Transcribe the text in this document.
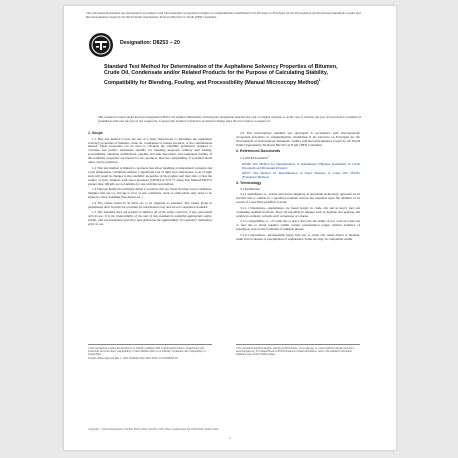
This international standard was developed in accordance with internationally recognized principles on standardization established in the Decision on Principles for the Development of International Standards, Guides and Recommendations issued by the World Trade Organization Technical Barriers to Trade (TBT) Committee.
Designation: D8253 − 20
Standard Test Method for Determination of the Asphaltene Solvency Properties of Bitumen, Crude Oil, Condensate and/or Related Products for the Purpose of Calculating Stability, Compatibility for Blending, Fouling, and Processibility (Manual Microscopy Method)$^1$
This standard is issued under the fixed designation D8253; the number immediately following the designation indicates the year of original adoption or, in the case of revision, the year of last revision. A number in parentheses indicates the year of last reapproval. A superscript epsilon (ε) indicates an editorial change since the last revision or reapproval.
1. Scope

1.1 This test method covers the use of a basic microscope to determine the asphaltene solvency properties of bitumen, crude oil, condensate or related products, or the combinations thereof. These properties can be used to calculate the solubility parameters required to calculate and predict asphaltene stability for blending purposes, refinery unit fouling, processibility, emulsion stabilization, pipeline and tank deposition, and equipment fouling. If the solubility properties are known for two products, then the compatibility of potential blend ratios can be predicted.

1.2 This test method is limited to products that allow handling at atmospheric pressure and room temperature conditions without a significant loss of light end components. Loss of light ends will result in changes in the solubility properties of the product and may alter or bias the results, or both. Samples with vapor pressures (VPCR4 at 37.8 °C using Test Method D6377) greater than 100 kPa are not suitable for use with this test method.

1.3 This test method is primarily suited to products that are freely flowing at test conditions. Samples that are too viscous to flow at test conditions, such as semi-solids, may need to be heated to allow handling (See Annex A1.)

1.4 The values stated in SI units are to be regarded as standard. The values given in parentheses after SI units are provided for information only and are not considered standard.

1.5 This standard does not purport to address all of the safety concerns, if any, associated with its use. It is the responsibility of the user of this standard to establish appropriate safety, health, and environmental practices and determine the applicability of regulatory limitations prior to use.

1.6 This international standard was developed in accordance with internationally recognized principles on standardization established in the Decision on Principles for the Development of International Standards, Guides and Recommendations issued by the World Trade Organization Technical Barriers to Trade (TBT) Committee.

2. Referenced Documents

2.1 ASTM Standards:$^2$

D6560 Test Method for Determination of Asphaltenes (Heptane Insolubles) in Crude Petroleum and Petroleum Products

D6377 Test Method for Determination of Vapor Pressure of Crude Oil: VPCRx (Expansion Method)

3. Terminology

3.1 Definitions:

3.1.1 asphaltenes, n—(rarely used in the singular), in petroleum technology, represent an oil fraction that is soluble in a specified aromatic solvent but separates upon the addition of an excess of a specified paraffinic solvent.

3.1.1.1 Discussion—Asphaltenes are found largely in crude oils and in heavy fuel oils containing residual fractions. They are insoluble in alkanes such as heptane and pentane, but soluble in aromatic solvents such as benzene or toluene.

3.1.2 compatibility, n—of crude oils or heavy fuel oils, the ability of two or more crude oils or fuel oils to blend together within certain concentration ranges without evidence of separation, such as the formation of multiple phases.

3.1.2.1 Discussion—Incompatible heavy fuel oils or crude oils, when mixed or blended, result in flocculation or precipitation of asphaltenes. Some oils may be compatible within

1 This test method is under the jurisdiction of ASTM Committee D02 on Petroleum Products, Liquid Fuels, and Lubricants and is the direct responsibility of Subcommittee D02.14 on Stability, Cleanliness and Compatibility of Liquid Fuels.

Current edition approved May 1, 2020. Published May 2020. DOI: 10.1520/D8253-20.

2 For referenced ASTM standards, visit the ASTM website, www.astm.org, or contact ASTM Customer Service at service@astm.org. For Annual Book of ASTM Standards volume information, refer to the standard's Document Summary page on the ASTM website.

Copyright © ASTM International, 100 Barr Harbor Drive, PO Box C700, West Conshohocken, PA 19428-2959. United States
1
